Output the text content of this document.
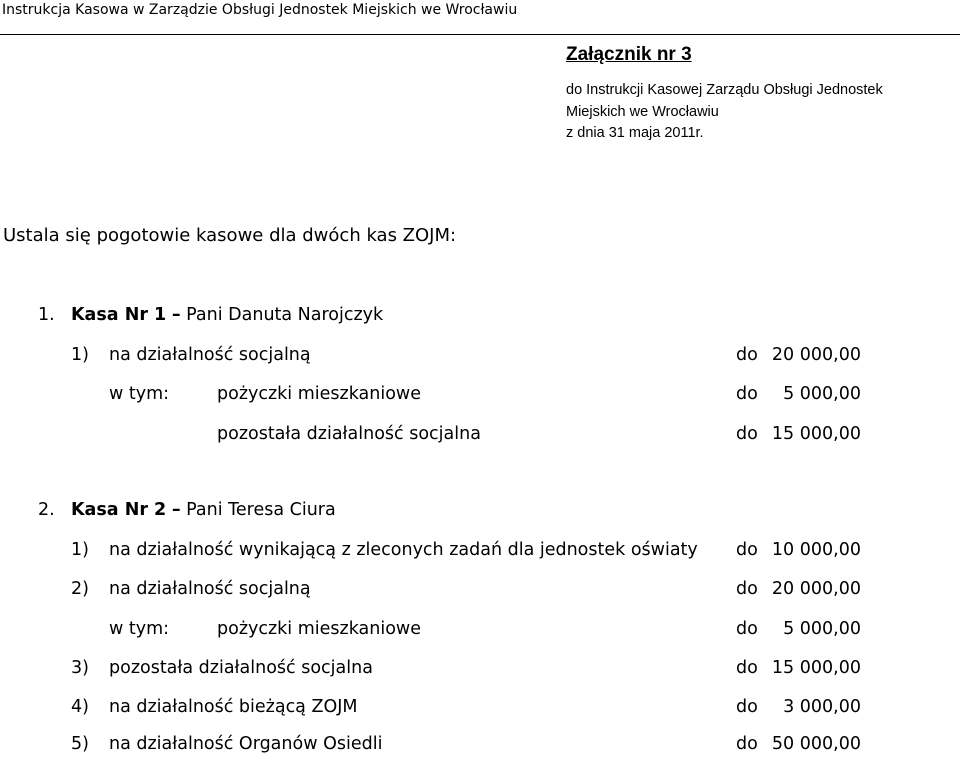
Instrukcja Kasowa w Zarządzie Obsługi Jednostek Miejskich we Wrocławiu
Załącznik nr 3
do Instrukcji Kasowej Zarządu Obsługi Jednostek
Miejskich we Wrocławiu
z dnia 31 maja 2011r.
Ustala się pogotowie kasowe dla dwóch kas ZOJM:
1. Kasa Nr 1 – Pani Danuta Narojczyk
1) na działalność socjalną	do 20 000,00
w tym:	pożyczki mieszkaniowe	do 5 000,00
pozostała działalność socjalna	do 15 000,00
2. Kasa Nr 2 – Pani Teresa Ciura
1) na działalność wynikającą z zleconych zadań dla jednostek oświaty do 10 000,00
2) na działalność socjalną	do 20 000,00
w tym:	pożyczki mieszkaniowe	do 5 000,00
3) pozostała działalność socjalna	do 15 000,00
4) na działalność bieżącą ZOJM	do 3 000,00
5) na działalność Organów Osiedli	do 50 000,00
